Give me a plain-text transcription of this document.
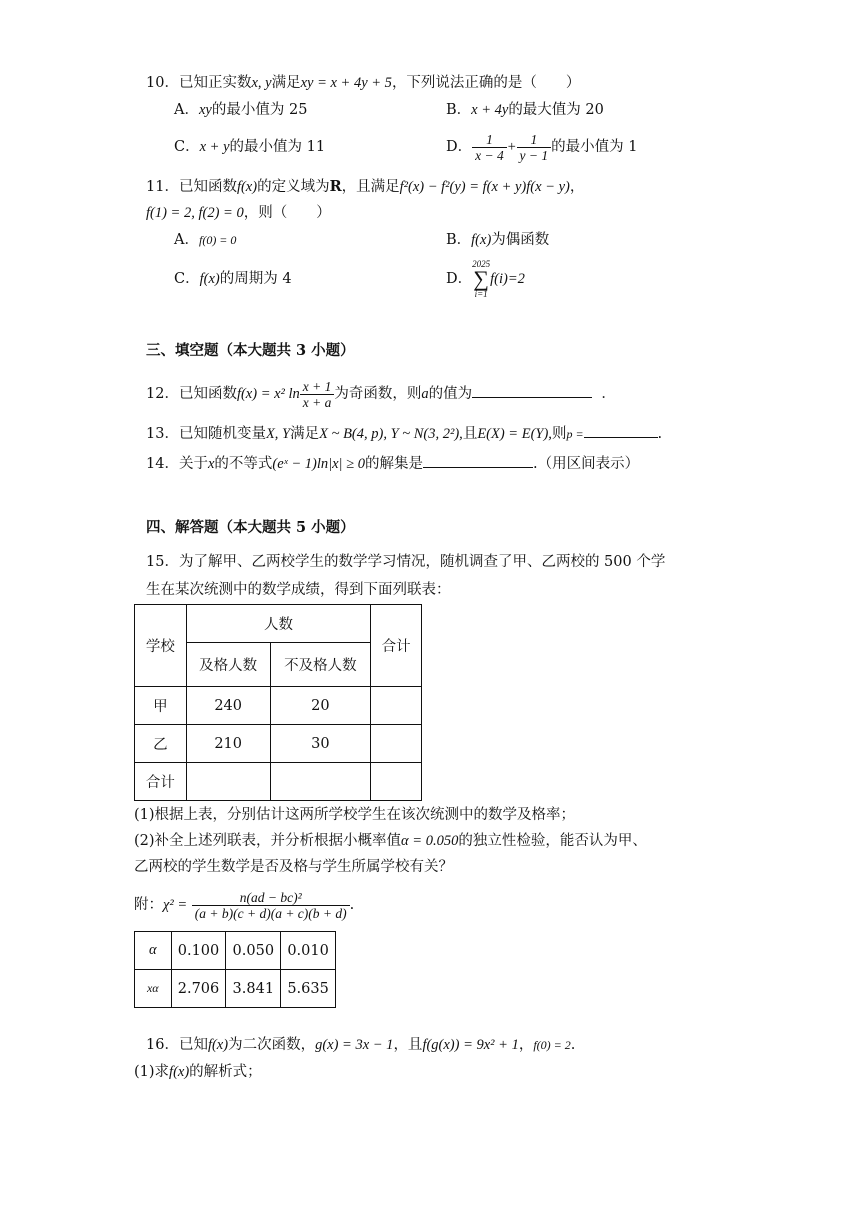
10．已知正实数x, y满足xy = x + 4y + 5，下列说法正确的是（　　）
A．xy的最小值为 25	B．x + 4y的最大值为 20
C．x + y的最小值为 11	D． $\frac{1}{x - 4} + \frac{1}{y - 1}$ 的最小值为 1
11．已知函数f(x)的定义域为R，且满足f²(x) − f²(y) = f(x + y)f(x − y)，
f(1) = 2, f(2) = 0，则（　　）
A．f(0) = 0	B．f(x)为偶函数
C．f(x)的周期为 4	D．
2025
∑
i=1
f(i)=2
三、填空题（本大题共 3 小题）
12．已知函数f(x) = x² $\ln \frac{x + 1}{x + a}$ 为奇函数，则a的值为	．
13．已知随机变量X, Y满足X ~ B(4, p), Y ~ N(3, 2²),且E(X) = E(Y),则p =	.
14．关于x的不等式(eˣ − 1)ln|x| ≥ 0的解集是	.（用区间表示）
四、解答题（本大题共 5 小题）
15．为了解甲、乙两校学生的数学学习情况，随机调查了甲、乙两校的 500 个学
生在某次统测中的数学成绩，得到下面列联表：
学校	人数		合计
	及格人数	不及格人数	
甲	240	20	
乙	210	30	
合计			
(1)根据上表，分别估计这两所学校学生在该次统测中的数学及格率；
(2)补全上述列联表，并分析根据小概率值α = 0.050的独立性检验，能否认为甲、
乙两校的学生数学是否及格与学生所属学校有关？
附：$\chi^2 = \frac{\text{n(ad − bc)²}}{(a + b)(c + d)(a + c)(b + d)}$ .
α	0.100	0.050	0.010
xα	2.706	3.841	5.635
16．已知f(x)为二次函数，g(x) = 3x − 1，且f(g(x)) = 9x² + 1，f(0) = 2.
(1)求f(x)的解析式；
